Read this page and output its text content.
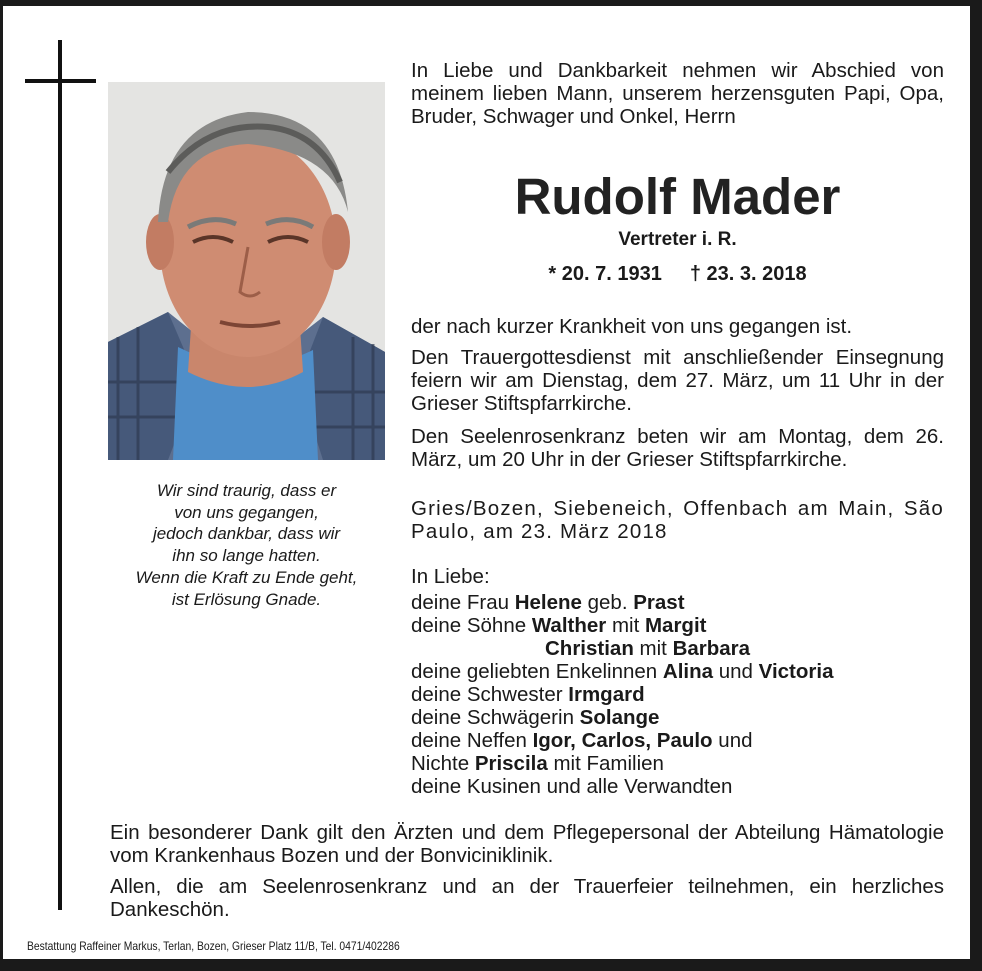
Wir sind traurig, dass er
von uns gegangen,
jedoch dankbar, dass wir
ihn so lange hatten.
Wenn die Kraft zu Ende geht,
ist Erlösung Gnade.
In Liebe und Dankbarkeit nehmen wir Abschied von meinem lieben Mann, unserem herzensguten Papi, Opa, Bruder, Schwager und Onkel, Herrn
Rudolf Mader
Vertreter i. R.
* 20. 7. 1931 † 23. 3. 2018
der nach kurzer Krankheit von uns gegangen ist.
Den Trauergottesdienst mit anschließender Einsegnung feiern wir am Dienstag, dem 27. März, um 11 Uhr in der Grieser Stiftspfarrkirche.
Den Seelenrosenkranz beten wir am Montag, dem 26. März, um 20 Uhr in der Grieser Stiftspfarrkirche.
Gries/Bozen, Siebeneich, Offenbach am Main, São Paulo, am 23. März 2018
In Liebe:
deine Frau Helene geb. Prast
deine Söhne Walther mit Margit
Christian mit Barbara
deine geliebten Enkelinnen Alina und Victoria
deine Schwester Irmgard
deine Schwägerin Solange
deine Neffen Igor, Carlos, Paulo und
Nichte Priscila mit Familien
deine Kusinen und alle Verwandten
Ein besonderer Dank gilt den Ärzten und dem Pflegepersonal der Abteilung Hämatologie vom Krankenhaus Bozen und der Bonviciniklinik.
Allen, die am Seelenrosenkranz und an der Trauerfeier teilnehmen, ein herzliches Dankeschön.
Bestattung Raffeiner Markus, Terlan, Bozen, Grieser Platz 11/B, Tel. 0471/402286
